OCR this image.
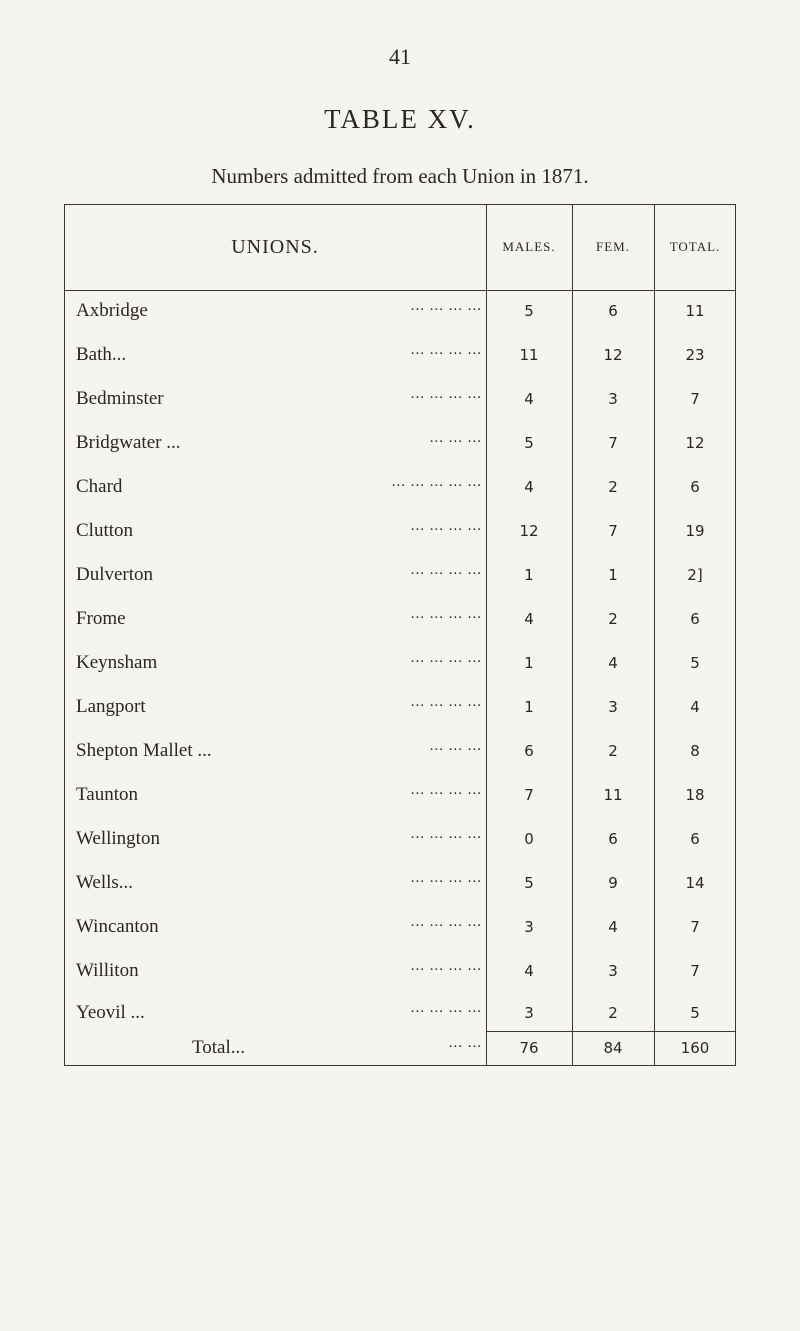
41
TABLE XV.
Numbers admitted from each Union in 1871.
UNIONS.	MALES.	FEM.	TOTAL.
Axbridge	... ... ... ...	5	6	11
Bath...	... ... ... ...	11	12	23
Bedminster	... ... ... ...	4	3	7
Bridgwater ...	... ... ...	5	7	12
Chard	... ... ... ... ...	4	2	6
Clutton	... ... ... ...	12	7	19
Dulverton	... ... ... ...	1	1	2]
Frome	... ... ... ...	4	2	6
Keynsham	... ... ... ...	1	4	5
Langport	... ... ... ...	1	3	4
Shepton Mallet ...	... ... ...	6	2	8
Taunton	... ... ... ...	7	11	18
Wellington	... ... ... ...	0	6	6
Wells...	... ... ... ...	5	9	14
Wincanton	... ... ... ...	3	4	7
Williton	... ... ... ...	4	3	7
Yeovil ...	... ... ... ...	3	2	5
Total...	... ...	76	84	160
